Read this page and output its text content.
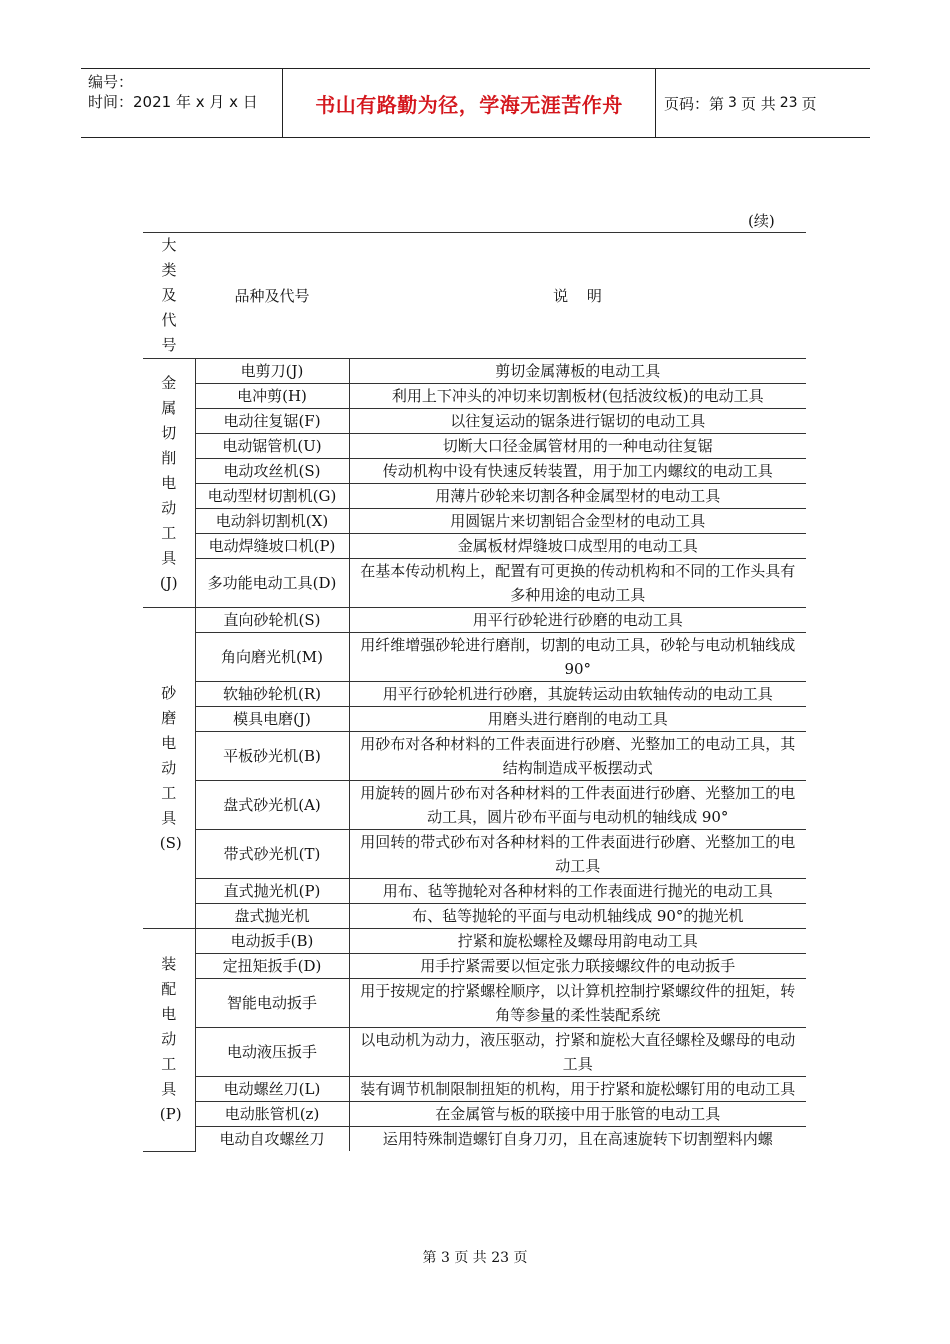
编号：
时间：2021 年 x 月 x 日	书山有路勤为径，学海无涯苦作舟	页码：第 3 页 共 23 页
(续)
大类及代号	品种及代号	说 明
金属切削电动工具(J)	电剪刀(J)	剪切金属薄板的电动工具
	电冲剪(H)	利用上下冲头的冲切来切割板材(包括波纹板)的电动工具
	电动往复锯(F)	以往复运动的锯条进行锯切的电动工具
	电动锯管机(U)	切断大口径金属管材用的一种电动往复锯
	电动攻丝机(S)	传动机构中设有快速反转装置，用于加工内螺纹的电动工具
	电动型材切割机(G)	用薄片砂轮来切割各种金属型材的电动工具
	电动斜切割机(X)	用圆锯片来切割铝合金型材的电动工具
	电动焊缝坡口机(P)	金属板材焊缝坡口成型用的电动工具
	多功能电动工具(D)	在基本传动机构上，配置有可更换的传动机构和不同的工作头具有多种用途的电动工具
砂磨电动工具(S)	直向砂轮机(S)	用平行砂轮进行砂磨的电动工具
	角向磨光机(M)	用纤维增强砂轮进行磨削，切割的电动工具，砂轮与电动机轴线成 90°
	软轴砂轮机(R)	用平行砂轮机进行砂磨，其旋转运动由软轴传动的电动工具
	模具电磨(J)	用磨头进行磨削的电动工具
	平板砂光机(B)	用砂布对各种材料的工件表面进行砂磨、光整加工的电动工具，其结构制造成平板摆动式
	盘式砂光机(A)	用旋转的圆片砂布对各种材料的工件表面进行砂磨、光整加工的电动工具，圆片砂布平面与电动机的轴线成 90°
	带式砂光机(T)	用回转的带式砂布对各种材料的工件表面进行砂磨、光整加工的电动工具
	直式抛光机(P)	用布、毡等抛轮对各种材料的工作表面进行抛光的电动工具
	盘式抛光机	布、毡等抛轮的平面与电动机轴线成 90°的抛光机
装配电动工具(P)	电动扳手(B)	拧紧和旋松螺栓及螺母用韵电动工具
	定扭矩扳手(D)	用手拧紧需要以恒定张力联接螺纹件的电动扳手
	智能电动扳手	用于按规定的拧紧螺栓顺序，以计算机控制拧紧螺纹件的扭矩，转角等参量的柔性装配系统
	电动液压扳手	以电动机为动力，液压驱动，拧紧和旋松大直径螺栓及螺母的电动工具
	电动螺丝刀(L)	装有调节机制限制扭矩的机构，用于拧紧和旋松螺钉用的电动工具
	电动胀管机(z)	在金属管与板的联接中用于胀管的电动工具
	电动自攻螺丝刀	运用特殊制造螺钉自身刀刃，且在高速旋转下切割塑料内螺
第 3 页 共 23 页
